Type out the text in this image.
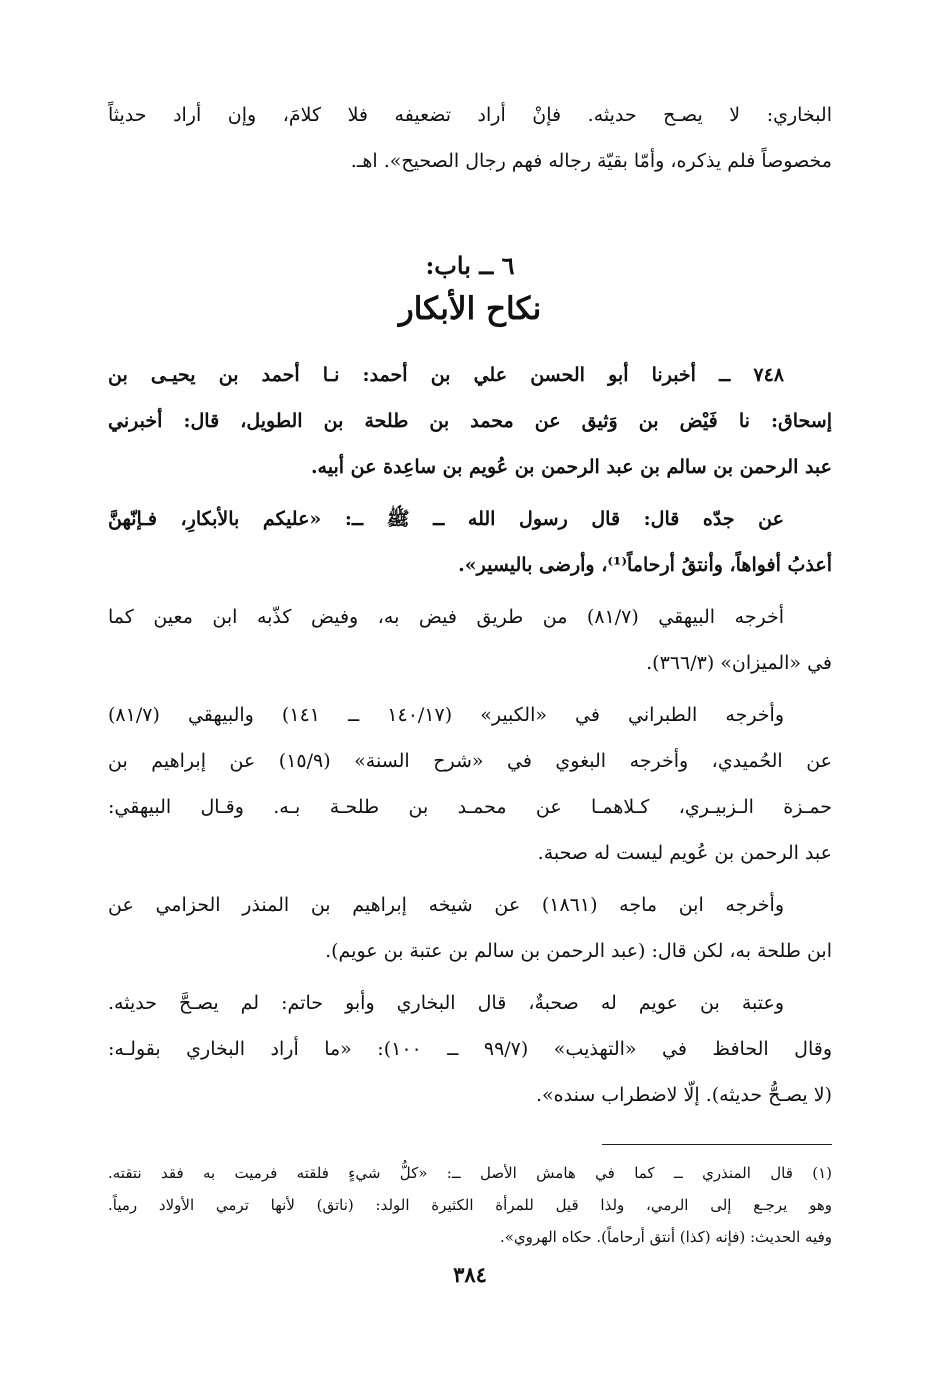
البخاري: لا يصـح حديثه. فإنْ أراد تضعيفه فلا كلامَ، وإن أراد حديثاً
مخصوصاً فلم يذكره، وأمّا بقيّة رجاله فهم رجال الصحيح». اهـ.
٦ ــ باب:
نكاح الأبكار
٧٤٨ ــ أخبرنا أبو الحسن علي بن أحمد: نـا أحمد بن يحيـى بن
إسحاق: نا فَيْض بن وَثيق عن محمد بن طلحة بن الطويل، قال: أخبرني
عبد الرحمن بن سالم بن عبد الرحمن بن عُويم بن ساعِدة عن أبيه.
عن جدّه قال: قال رسول الله ــ ﷺ ــ: «عليكم بالأبكارِ، فـإنّهنَّ
أعذبُ أفواهاً، وأنتقُ أرحاماً⁽¹⁾، وأرضى باليسير».
أخرجه البيهقي (٨١/٧) من طريق فيض به، وفيض كذّبه ابن معين كما
في «الميزان» (٣٦٦/٣).
وأخرجه الطبراني في «الكبير» (١٤٠/١٧ ــ ١٤١) والبيهقي (٨١/٧)
عن الحُميدي، وأخرجه البغوي في «شرح السنة» (١٥/٩) عن إبراهيم بن
حمـزة الـزبيـري، كـلاهمـا عن محمـد بن طلحـة بـه. وقـال البيهقي:
عبد الرحمن بن عُويم ليست له صحبة.
وأخرجه ابن ماجه (١٨٦١) عن شيخه إبراهيم بن المنذر الحزامي عن
ابن طلحة به، لكن قال: (عبد الرحمن بن سالم بن عتبة بن عويم).
وعتبة بن عويم له صحبةٌ، قال البخاري وأبو حاتم: لم يصـحَّ حديثه.
وقال الحافظ في «التهذيب» (٩٩/٧ ــ ١٠٠): «ما أراد البخاري بقولـه:
(لا يصـحُّ حديثه). إلّا لاضطراب سنده».
(١) قال المنذري ــ كما في هامش الأصل ــ: «كلُّ شيءٍ فلقته فرميت به فقد نتقته.
وهو يرجـع إلى الرمي، ولذا قيل للمرأة الكثيرة الولد: (ناتق) لأنها ترمي الأولاد رمياً.
وفيه الحديث: (فإنه (كذا) أنتق أرحاماً). حكاه الهروي».
٣٨٤
